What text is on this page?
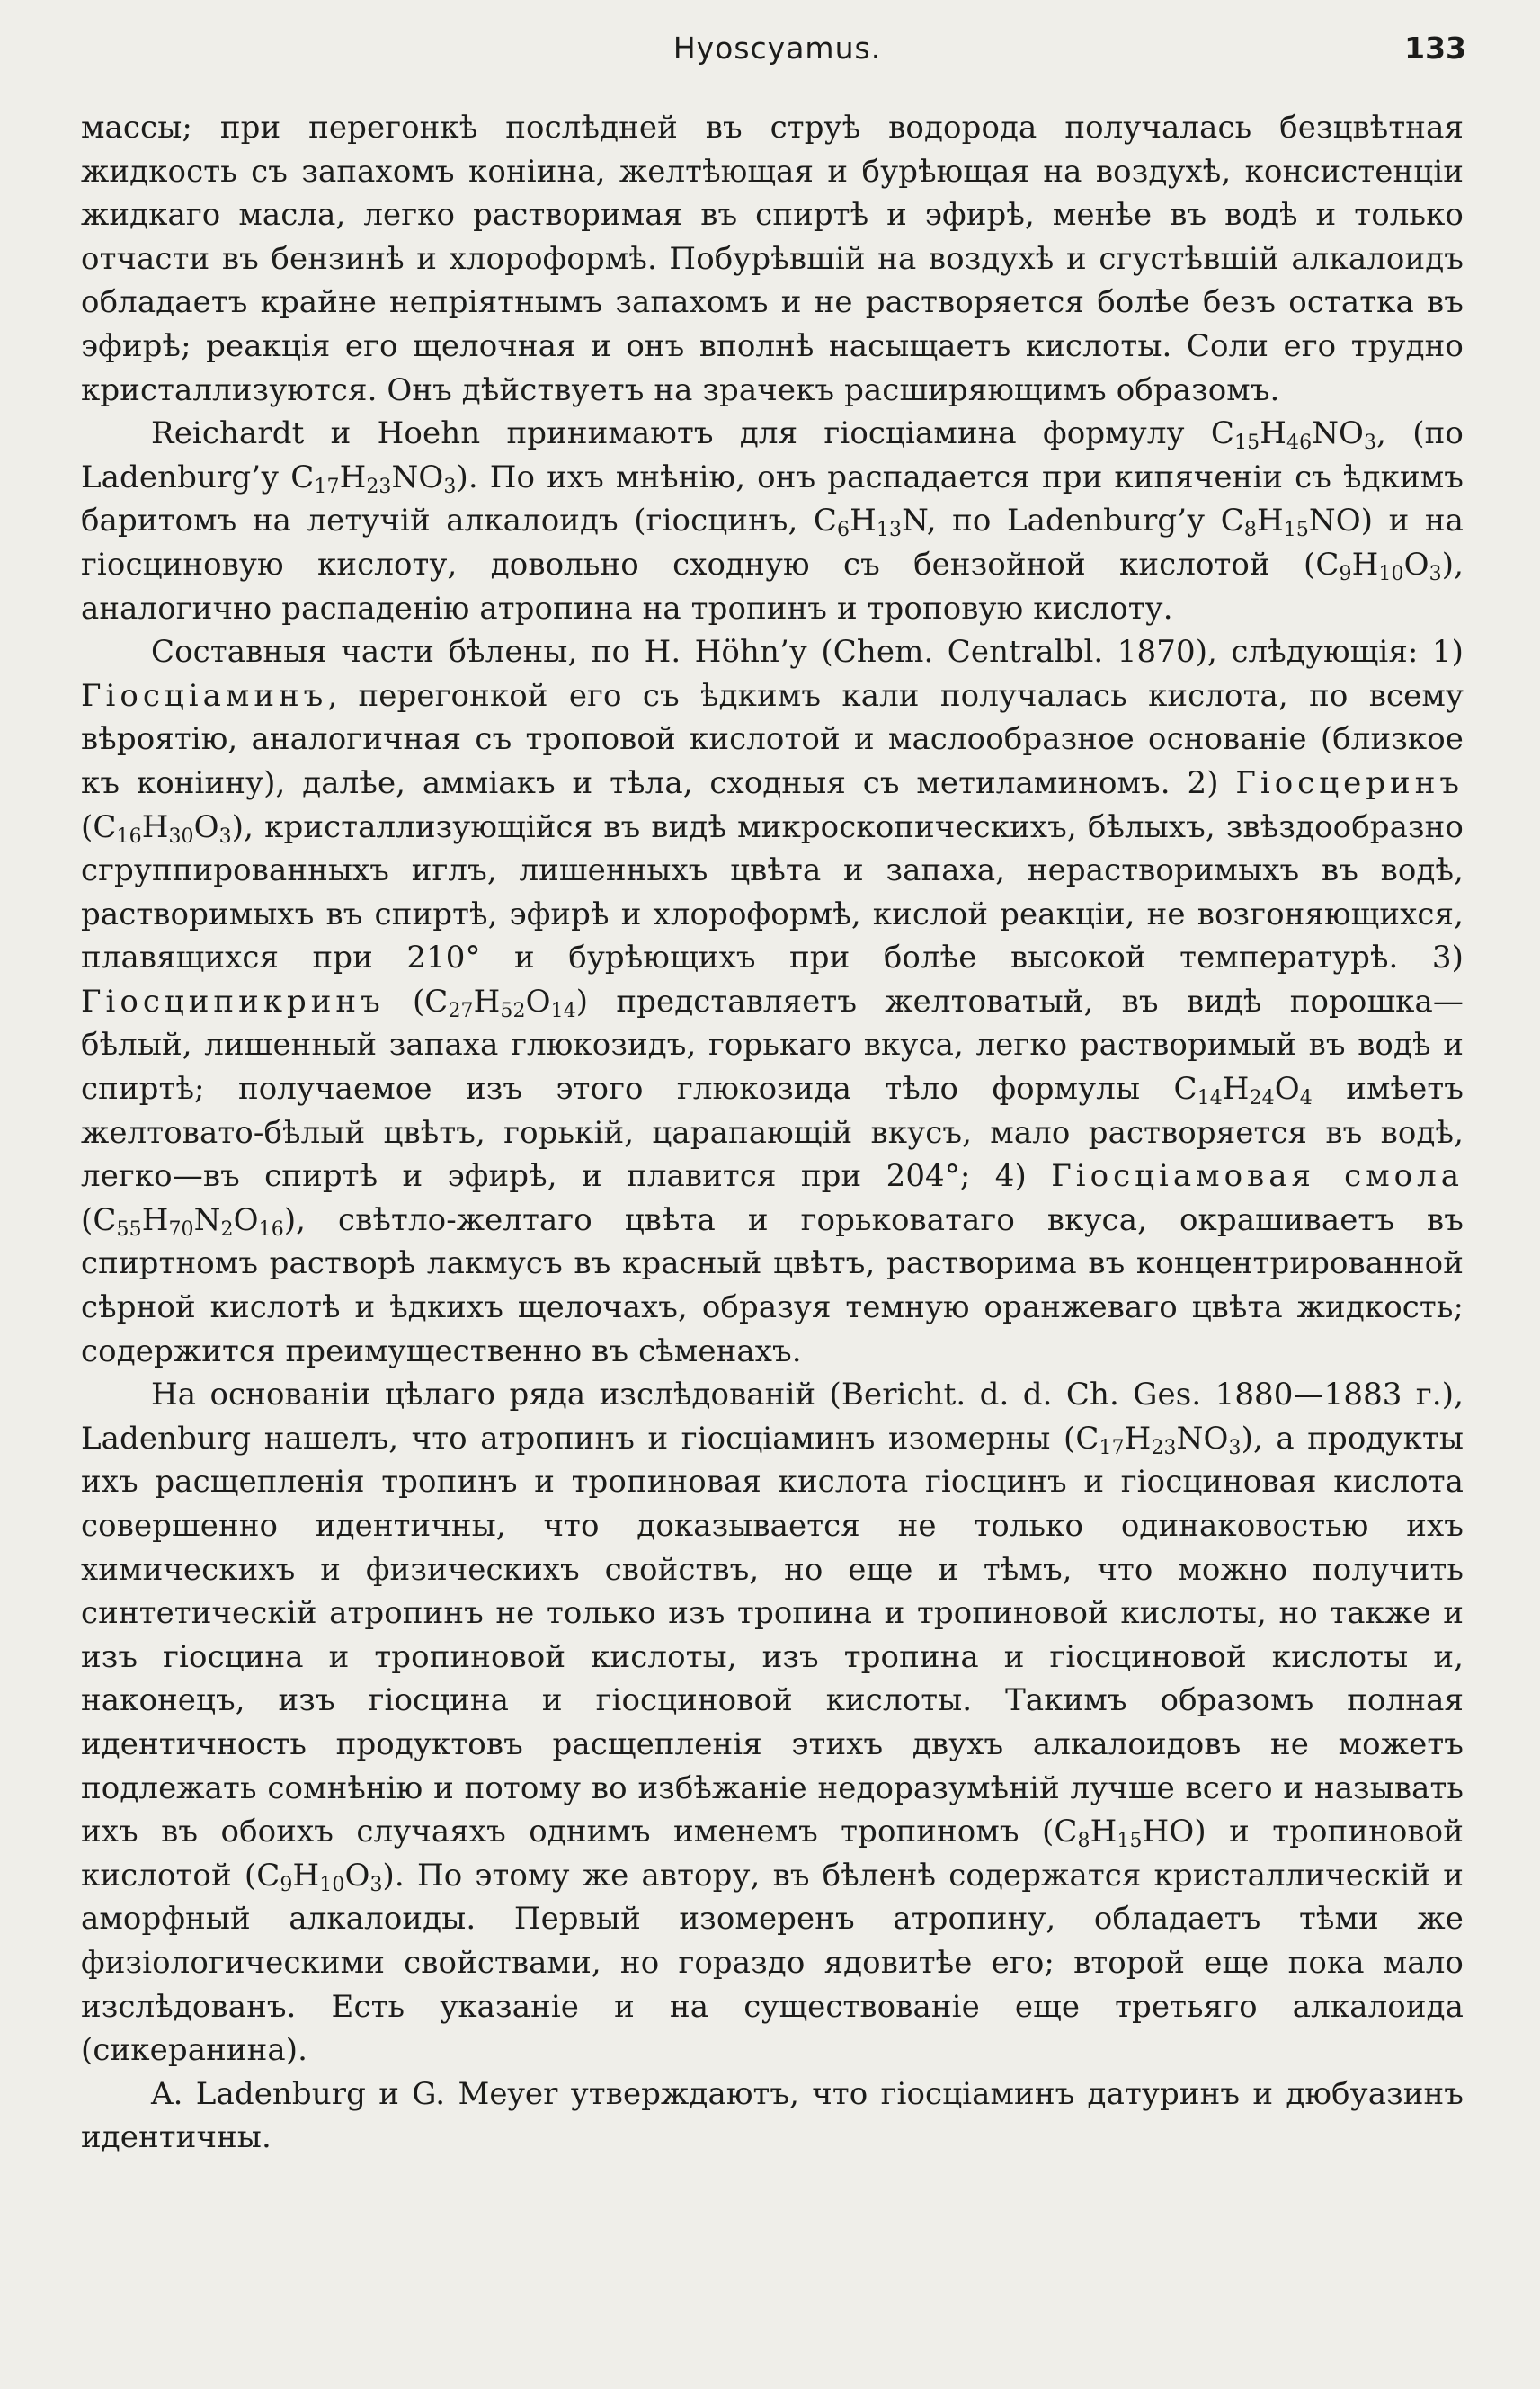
Hyoscyamus.	133

массы; при перегонкѣ послѣдней въ струѣ водорода получалась безцвѣтная жидкость съ запахомъ коніина, желтѣющая и бурѣющая на воздухѣ, консистенціи жидкаго масла, легко растворимая въ спиртѣ и эфирѣ, менѣе въ водѣ и только отчасти въ бензинѣ и хлороформѣ. Побурѣвшій на воздухѣ и сгустѣвшій алкалоидъ обладаетъ крайне непріятнымъ запахомъ и не растворяется болѣе безъ остатка въ эфирѣ; реакція его щелочная и онъ вполнѣ насыщаетъ кислоты. Соли его трудно кристаллизуются. Онъ дѣйствуетъ на зрачекъ расширяющимъ образомъ.

Reichardt и Hoehn принимаютъ для гіосціамина формулу $C_{15}H_{46}NO_3$, (по Ladenburg’у $C_{17}H_{23}NO_3$). По ихъ мнѣнію, онъ распадается при кипяченіи съ ѣдкимъ баритомъ на летучій алкалоидъ (гіосцинъ, $C_6H_{13}N$, по Ladenburg’у $C_8H_{15}NO$) и на гіосциновую кислоту, довольно сходную съ бензойной кислотой $(C_9H_{10}O_3)$, аналогично распаденію атропина на тропинъ и троповую кислоту.

Составныя части бѣлены, по H. Höhn’у (Chem. Centralbl. 1870), слѣдующія: 1) Гіосціаминъ, перегонкой его съ ѣдкимъ кали получалась кислота, по всему вѣроятію, аналогичная съ троповой кислотой и маслообразное основаніе (близкое къ коніину), далѣе, амміакъ и тѣла, сходныя съ метиламиномъ. 2) Гіосцеринъ $(C_{16}H_{30}O_3)$, кристаллизующійся въ видѣ микроскопическихъ, бѣлыхъ, звѣздообразно сгруппированныхъ иглъ, лишенныхъ цвѣта и запаха, нерастворимыхъ въ водѣ, растворимыхъ въ спиртѣ, эфирѣ и хлороформѣ, кислой реакціи, не возгоняющихся, плавящихся при 210° и бурѣющихъ при болѣе высокой температурѣ. 3) Гіосципикринъ $(C_{27}H_{52}O_{14})$ представляетъ желтоватый, въ видѣ порошка—бѣлый, лишенный запаха глюкозидъ, горькаго вкуса, легко растворимый въ водѣ и спиртѣ; получаемое изъ этого глюкозида тѣло формулы $C_{14}H_{24}O_4$ имѣетъ желтовато-бѣлый цвѣтъ, горькій, царапающій вкусъ, мало растворяется въ водѣ, легко—въ спиртѣ и эфирѣ, и плавится при 204°; 4) Гіосціамовая смола $(C_{55}H_{70}N_2O_{16})$, свѣтло-желтаго цвѣта и горьковатаго вкуса, окрашиваетъ въ спиртномъ растворѣ лакмусъ въ красный цвѣтъ, растворима въ концентрированной сѣрной кислотѣ и ѣдкихъ щелочахъ, образуя темную оранжеваго цвѣта жидкость; содержится преимущественно въ сѣменахъ.

На основаніи цѣлаго ряда изслѣдованій (Bericht. d. d. Ch. Ges. 1880—1883 г.), Ladenburg нашелъ, что атропинъ и гіосціаминъ изомерны $(C_{17}H_{23}NO_3)$, а продукты ихъ расщепленія тропинъ и тропиновая кислота гіосцинъ и гіосциновая кислота совершенно идентичны, что доказывается не только одинаковостью ихъ химическихъ и физическихъ свойствъ, но еще и тѣмъ, что можно получить синтетическій атропинъ не только изъ тропина и тропиновой кислоты, но также и изъ гіосцина и тропиновой кислоты, изъ тропина и гіосциновой кислоты и, наконецъ, изъ гіосцина и гіосциновой кислоты. Такимъ образомъ полная идентичность продуктовъ расщепленія этихъ двухъ алкалоидовъ не можетъ подлежать сомнѣнію и потому во избѣжаніе недоразумѣній лучше всего и называть ихъ въ обоихъ случаяхъ однимъ именемъ тропиномъ $(C_8H_{15}HO)$ и тропиновой кислотой $(C_9H_{10}O_3)$. По этому же автору, въ бѣленѣ содержатся кристаллическій и аморфный алкалоиды. Первый изомеренъ атропину, обладаетъ тѣми же физіологическими свойствами, но гораздо ядовитѣе его; второй еще пока мало изслѣдованъ. Есть указаніе и на существованіе еще третьяго алкалоида (сикеранина).

A. Ladenburg и G. Meyer утверждаютъ, что гіосціаминъ датуринъ и дюбуазинъ идентичны.
